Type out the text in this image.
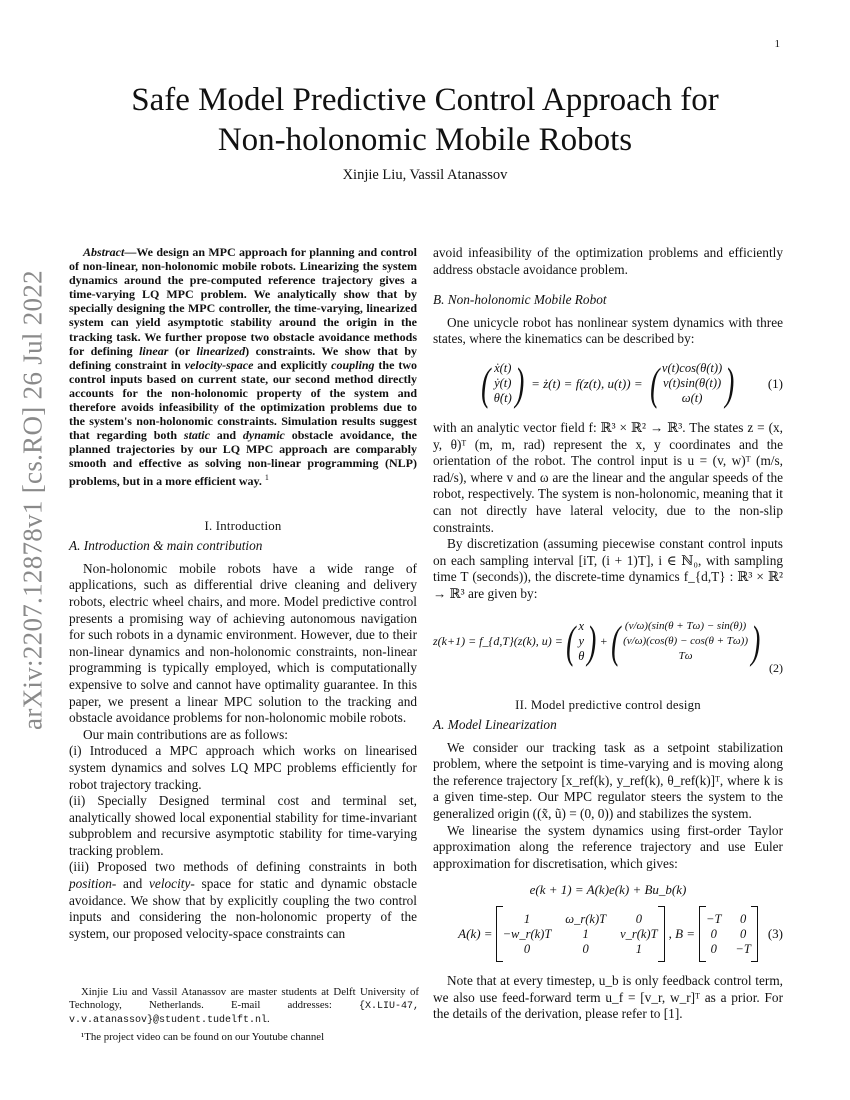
1
arXiv:2207.12878v1 [cs.RO] 26 Jul 2022
Safe Model Predictive Control Approach for
Non-holonomic Mobile Robots
Xinjie Liu, Vassil Atanassov

Abstract—We design an MPC approach for planning and control of non-linear, non-holonomic mobile robots. Linearizing the system dynamics around the pre-computed reference trajectory gives a time-varying LQ MPC problem. We analytically show that by specially designing the MPC controller, the time-varying, linearized system can yield asymptotic stability around the origin in the tracking task. We further propose two obstacle avoidance methods for defining linear (or linearized) constraints. We show that by defining constraint in velocity-space and explicitly coupling the two control inputs based on current state, our second method directly accounts for the non-holonomic property of the system and therefore avoids infeasibility of the optimization problems due to the system's non-holonomic constraints. Simulation results suggest that regarding both static and dynamic obstacle avoidance, the planned trajectories by our LQ MPC approach are comparably smooth and effective as solving non-linear programming (NLP) problems, but in a more efficient way. $^1$

I. Introduction
A. Introduction & main contribution

Non-holonomic mobile robots have a wide range of applications, such as differential drive cleaning and delivery robots, electric wheel chairs, and more. Model predictive control presents a promising way of achieving autonomous navigation for such robots in a dynamic environment. However, due to their non-linear dynamics and non-holonomic constraints, non-linear programming is typically employed, which is computationally expensive to solve and cannot have optimality guarantee. In this paper, we present a linear MPC solution to the tracking and obstacle avoidance problems for non-holonomic mobile robots.

Our main contributions are as follows:

(i) Introduced a MPC approach which works on linearised system dynamics and solves LQ MPC problems efficiently for robot trajectory tracking.

(ii) Specially Designed terminal cost and terminal set, analytically showed local exponential stability for time-invariant subproblem and recursive asymptotic stability for time-varying tracking problem.

(iii) Proposed two methods of defining constraints in both position- and velocity- space for static and dynamic obstacle avoidance. We show that by explicitly coupling the two control inputs and considering the non-holonomic property of the system, our proposed velocity-space constraints can

avoid infeasibility of the optimization problems and efficiently address obstacle avoidance problem.

B. Non-holonomic Mobile Robot

One unicycle robot has nonlinear system dynamics with three states, where the kinematics can be described by:

( ẋ(t)
ẏ(t)
θ̇(t) ) = ż(t) = f(z(t), u(t)) = ( v(t)cos(θ(t))
v(t)sin(θ(t))
ω(t) )	(1)

with an analytic vector field f: ℝ³ × ℝ² → ℝ³. The states z = (x, y, θ)ᵀ (m, m, rad) represent the x, y coordinates and the orientation of the robot. The control input is u = (v, w)ᵀ (m/s, rad/s), where v and ω are the linear and the angular speeds of the robot, respectively. The system is non-holonomic, meaning that it can not directly have lateral velocity, due to the non-slip constraints.

By discretization (assuming piecewise constant control inputs on each sampling interval [iT, (i + 1)T], i ∈ ℕ₀, with sampling time T (seconds)), the discrete-time dynamics f_{d,T} : ℝ³ × ℝ² → ℝ³ are given by:

z(k+1) = f_{d,T}(z(k), u) = ( x
y
θ ) + ( (v/ω)(sin(θ + Tω) − sin(θ))
(v/ω)(cos(θ) − cos(θ + Tω))
Tω	)
(2)
II. Model predictive control design
A. Model Linearization

We consider our tracking task as a setpoint stabilization problem, where the setpoint is time-varying and is moving along the reference trajectory [x_ref(k), y_ref(k), θ_ref(k)]ᵀ, where k is a given time-step. Our MPC regulator steers the system to the generalized origin ((x̃, ũ) = (0, 0)) and stabilizes the system.

We linearise the system dynamics using first-order Taylor approximation along the reference trajectory and use Euler approximation for discretisation, which gives:

e(k + 1) = A(k)e(k) + Bu_b(k)
A(k) =
1	ω_r(k)T	0
−w_r(k)T	1	v_r(k)T
0	0	1
, B =
−T	0
0	0
0	−T
(3)

Note that at every timestep, u_b is only feedback control term, we also use feed-forward term u_f = [v_r, w_r]ᵀ as a prior. For the details of the derivation, please refer to [1].

Xinjie Liu and Vassil Atanassov are master students at Delft University of Technology, Netherlands. E-mail addresses: {X.LIU-47, v.v.atanassov}@student.tudelft.nl.

¹The project video can be found on our Youtube channel
